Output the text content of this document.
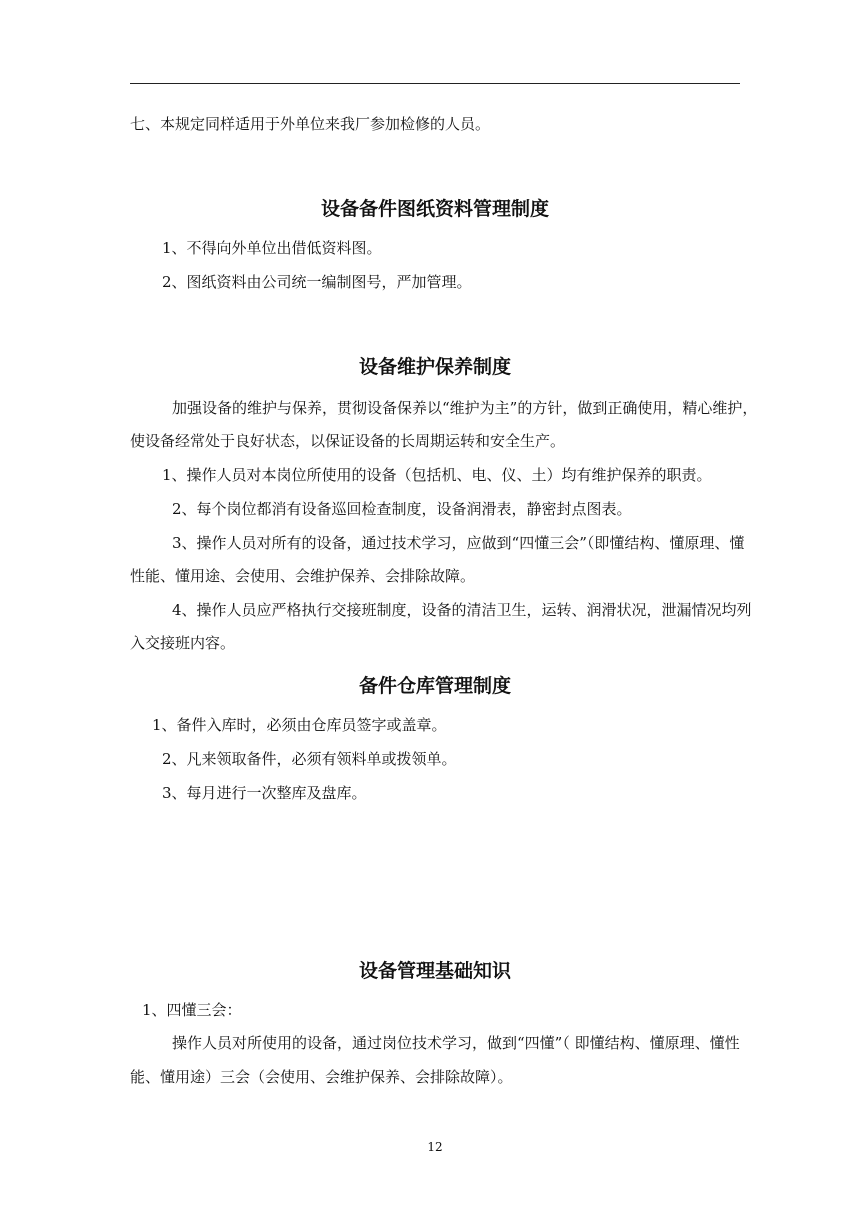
七、本规定同样适用于外单位来我厂参加检修的人员。
设备备件图纸资料管理制度
1、不得向外单位出借低资料图。
2、图纸资料由公司统一编制图号，严加管理。
设备维护保养制度
加强设备的维护与保养，贯彻设备保养以“维护为主”的方针，做到正确使用，精心维护，
使设备经常处于良好状态，以保证设备的长周期运转和安全生产。
1、操作人员对本岗位所使用的设备（包括机、电、仪、土）均有维护保养的职责。
2、每个岗位都消有设备巡回检查制度，设备润滑表，静密封点图表。
3、操作人员对所有的设备，通过技术学习，应做到“四懂三会”（即懂结构、懂原理、懂
性能、懂用途、会使用、会维护保养、会排除故障。
4、操作人员应严格执行交接班制度，设备的清洁卫生，运转、润滑状况，泄漏情况均列
入交接班内容。
备件仓库管理制度
1、备件入库时，必须由仓库员签字或盖章。
2、凡来领取备件，必须有领料单或拨领单。
3、每月进行一次整库及盘库。
设备管理基础知识
1、四懂三会：
操作人员对所使用的设备，通过岗位技术学习，做到“四懂”（ 即懂结构、懂原理、懂性
能、懂用途）三会（会使用、会维护保养、会排除故障）。
12
